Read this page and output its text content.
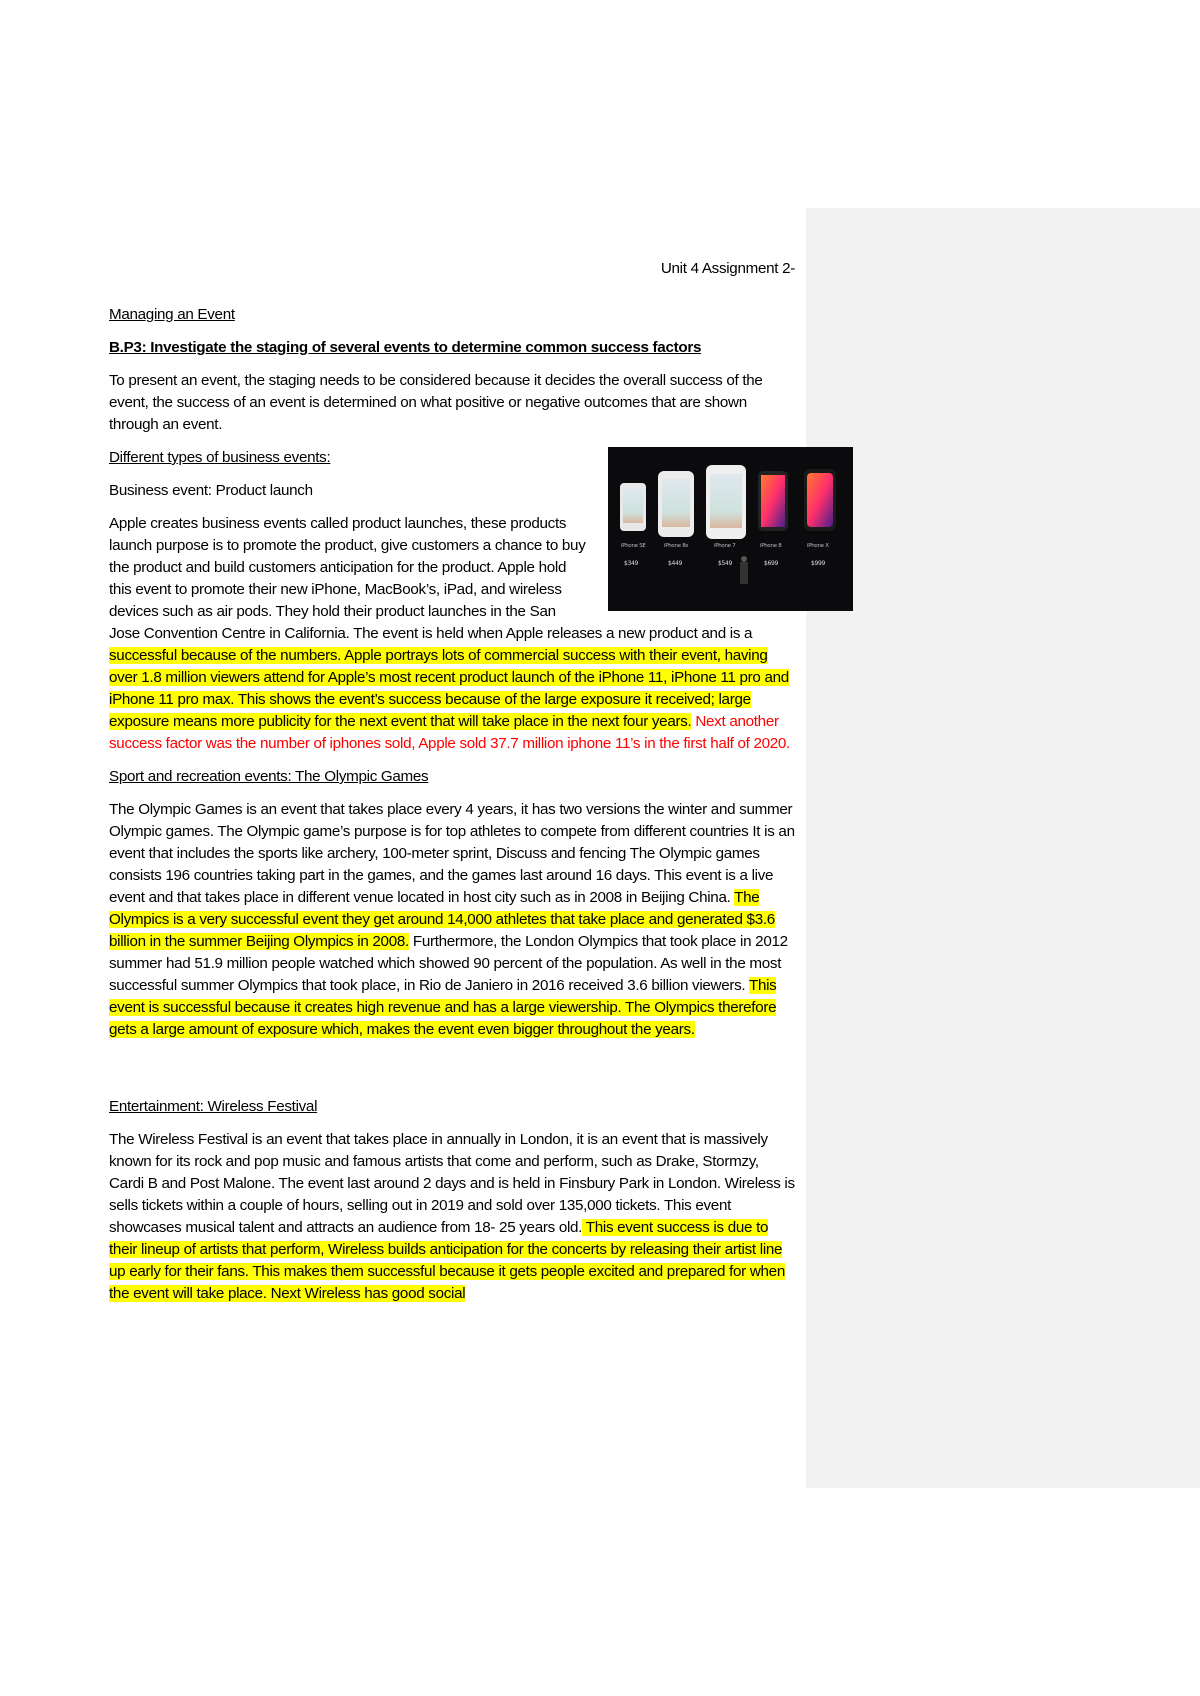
Unit 4 Assignment 2-

Managing an Event

B.P3: Investigate the staging of several events to determine common success factors

To present an event, the staging needs to be considered because it decides the overall success of the event, the success of an event is determined on what positive or negative outcomes that are shown through an event.

iPhone SE	iPhone 8s	iPhone 7	iPhone 8	iPhone X
$349	$449	$549	$699	$999

Different types of business events:

Business event: Product launch

Apple creates business events called product launches, these products launch purpose is to promote the product, give customers a chance to buy the product and build customers anticipation for the product. Apple hold this event to promote their new iPhone, MacBook’s, iPad, and wireless devices such as air pods. They hold their product launches in the San Jose Convention Centre in California. The event is held when Apple releases a new product and is a successful because of the numbers. Apple portrays lots of commercial success with their event, having over 1.8 million viewers attend for Apple’s most recent product launch of the iPhone 11, iPhone 11 pro and iPhone 11 pro max. This shows the event’s success because of the large exposure it received; large exposure means more publicity for the next event that will take place in the next four years. Next another success factor was the number of iphones sold, Apple sold 37.7 million iphone 11’s in the first half of 2020.

Sport and recreation events: The Olympic Games

The Olympic Games is an event that takes place every 4 years, it has two versions the winter and summer Olympic games. The Olympic game’s purpose is for top athletes to compete from different countries It is an event that includes the sports like archery, 100-meter sprint, Discuss and fencing The Olympic games consists 196 countries taking part in the games, and the games last around 16 days. This event is a live event and that takes place in different venue located in host city such as in 2008 in Beijing China. The Olympics is a very successful event they get around 14,000 athletes that take place and generated $3.6 billion in the summer Beijing Olympics in 2008. Furthermore, the London Olympics that took place in 2012 summer had 51.9 million people watched which showed 90 percent of the population. As well in the most successful summer Olympics that took place, in Rio de Janiero in 2016 received 3.6 billion viewers. This event is successful because it creates high revenue and has a large viewership. The Olympics therefore gets a large amount of exposure which, makes the event even bigger throughout the years.

Entertainment: Wireless Festival

The Wireless Festival is an event that takes place in annually in London, it is an event that is massively known for its rock and pop music and famous artists that come and perform, such as Drake, Stormzy, Cardi B and Post Malone. The event last around 2 days and is held in Finsbury Park in London. Wireless is sells tickets within a couple of hours, selling out in 2019 and sold over 135,000 tickets. This event showcases musical talent and attracts an audience from 18- 25 years old. This event success is due to their lineup of artists that perform, Wireless builds anticipation for the concerts by releasing their artist line up early for their fans. This makes them successful because it gets people excited and prepared for when the event will take place. Next Wireless has good social
